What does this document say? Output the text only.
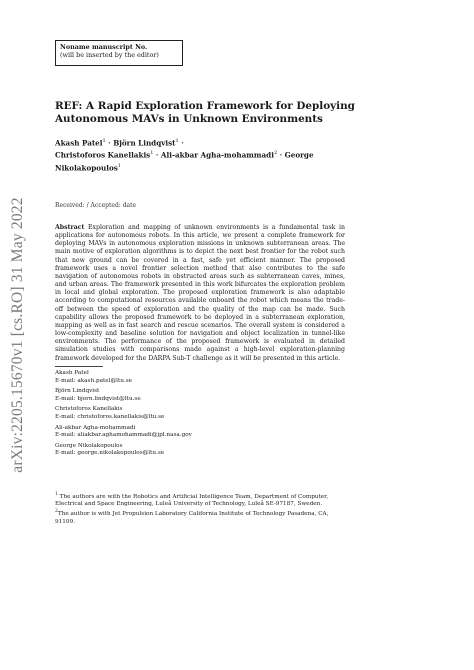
Noname manuscript No.
(will be inserted by the editor)
REF: A Rapid Exploration Framework for Deploying Autonomous MAVs in Unknown Environments
Akash Patel$^1$ · Björn Lindqvist$^1$ ·
Christoforos Kanellakis$^1$ · Ali-akbar Agha-mohammadi$^2$ · George Nikolakopoulos$^1$
Received: / Accepted: date
Abstract Exploration and mapping of unknown environments is a fundamental task in applications for autonomous robots. In this article, we present a complete framework for deploying MAVs in autonomous exploration missions in unknown subterranean areas. The main motive of exploration algorithms is to depict the next best frontier for the robot such that new ground can be covered in a fast, safe yet efficient manner. The proposed framework uses a novel frontier selection method that also contributes to the safe navigation of autonomous robots in obstructed areas such as subterranean caves, mines, and urban areas. The framework presented in this work bifurcates the exploration problem in local and global exploration. The proposed exploration framework is also adaptable according to computational resources available onboard the robot which means the trade-off between the speed of exploration and the quality of the map can be made. Such capability allows the proposed framework to be deployed in a subterranean exploration, mapping as well as in fast search and rescue scenarios. The overall system is considered a low-complexity and baseline solution for navigation and object localization in tunnel-like environments. The performance of the proposed framework is evaluated in detailed simulation studies with comparisons made against a high-level exploration-planning framework developed for the DARPA Sub-T challenge as it will be presented in this article.
Akash Patel
E-mail: akash.patel@ltu.se
Björn Lindqvist
E-mail: bjorn.lindqvist@ltu.se
Christoforos Kanellakis
E-mail: christoforos.kanellakis@ltu.se
Ali-akbar Agha-mohammadi
E-mail: aliakbar.aghamohammadi@jpl.nasa.gov
George Nikolakopoulos
E-mail: george.nikolakopoulos@ltu.se
$^1$ The authors are with the Robotics and Artificial Intelligence Team, Department of Computer, Electrical and Space Engineering, Luleå University of Technology, Luleå SE-97187, Sweden.
$^2$The author is with Jet Propulsion Laboratory California Institute of Technology Pasadena, CA, 91109.
arXiv:2205.15670v1 [cs.RO] 31 May 2022
